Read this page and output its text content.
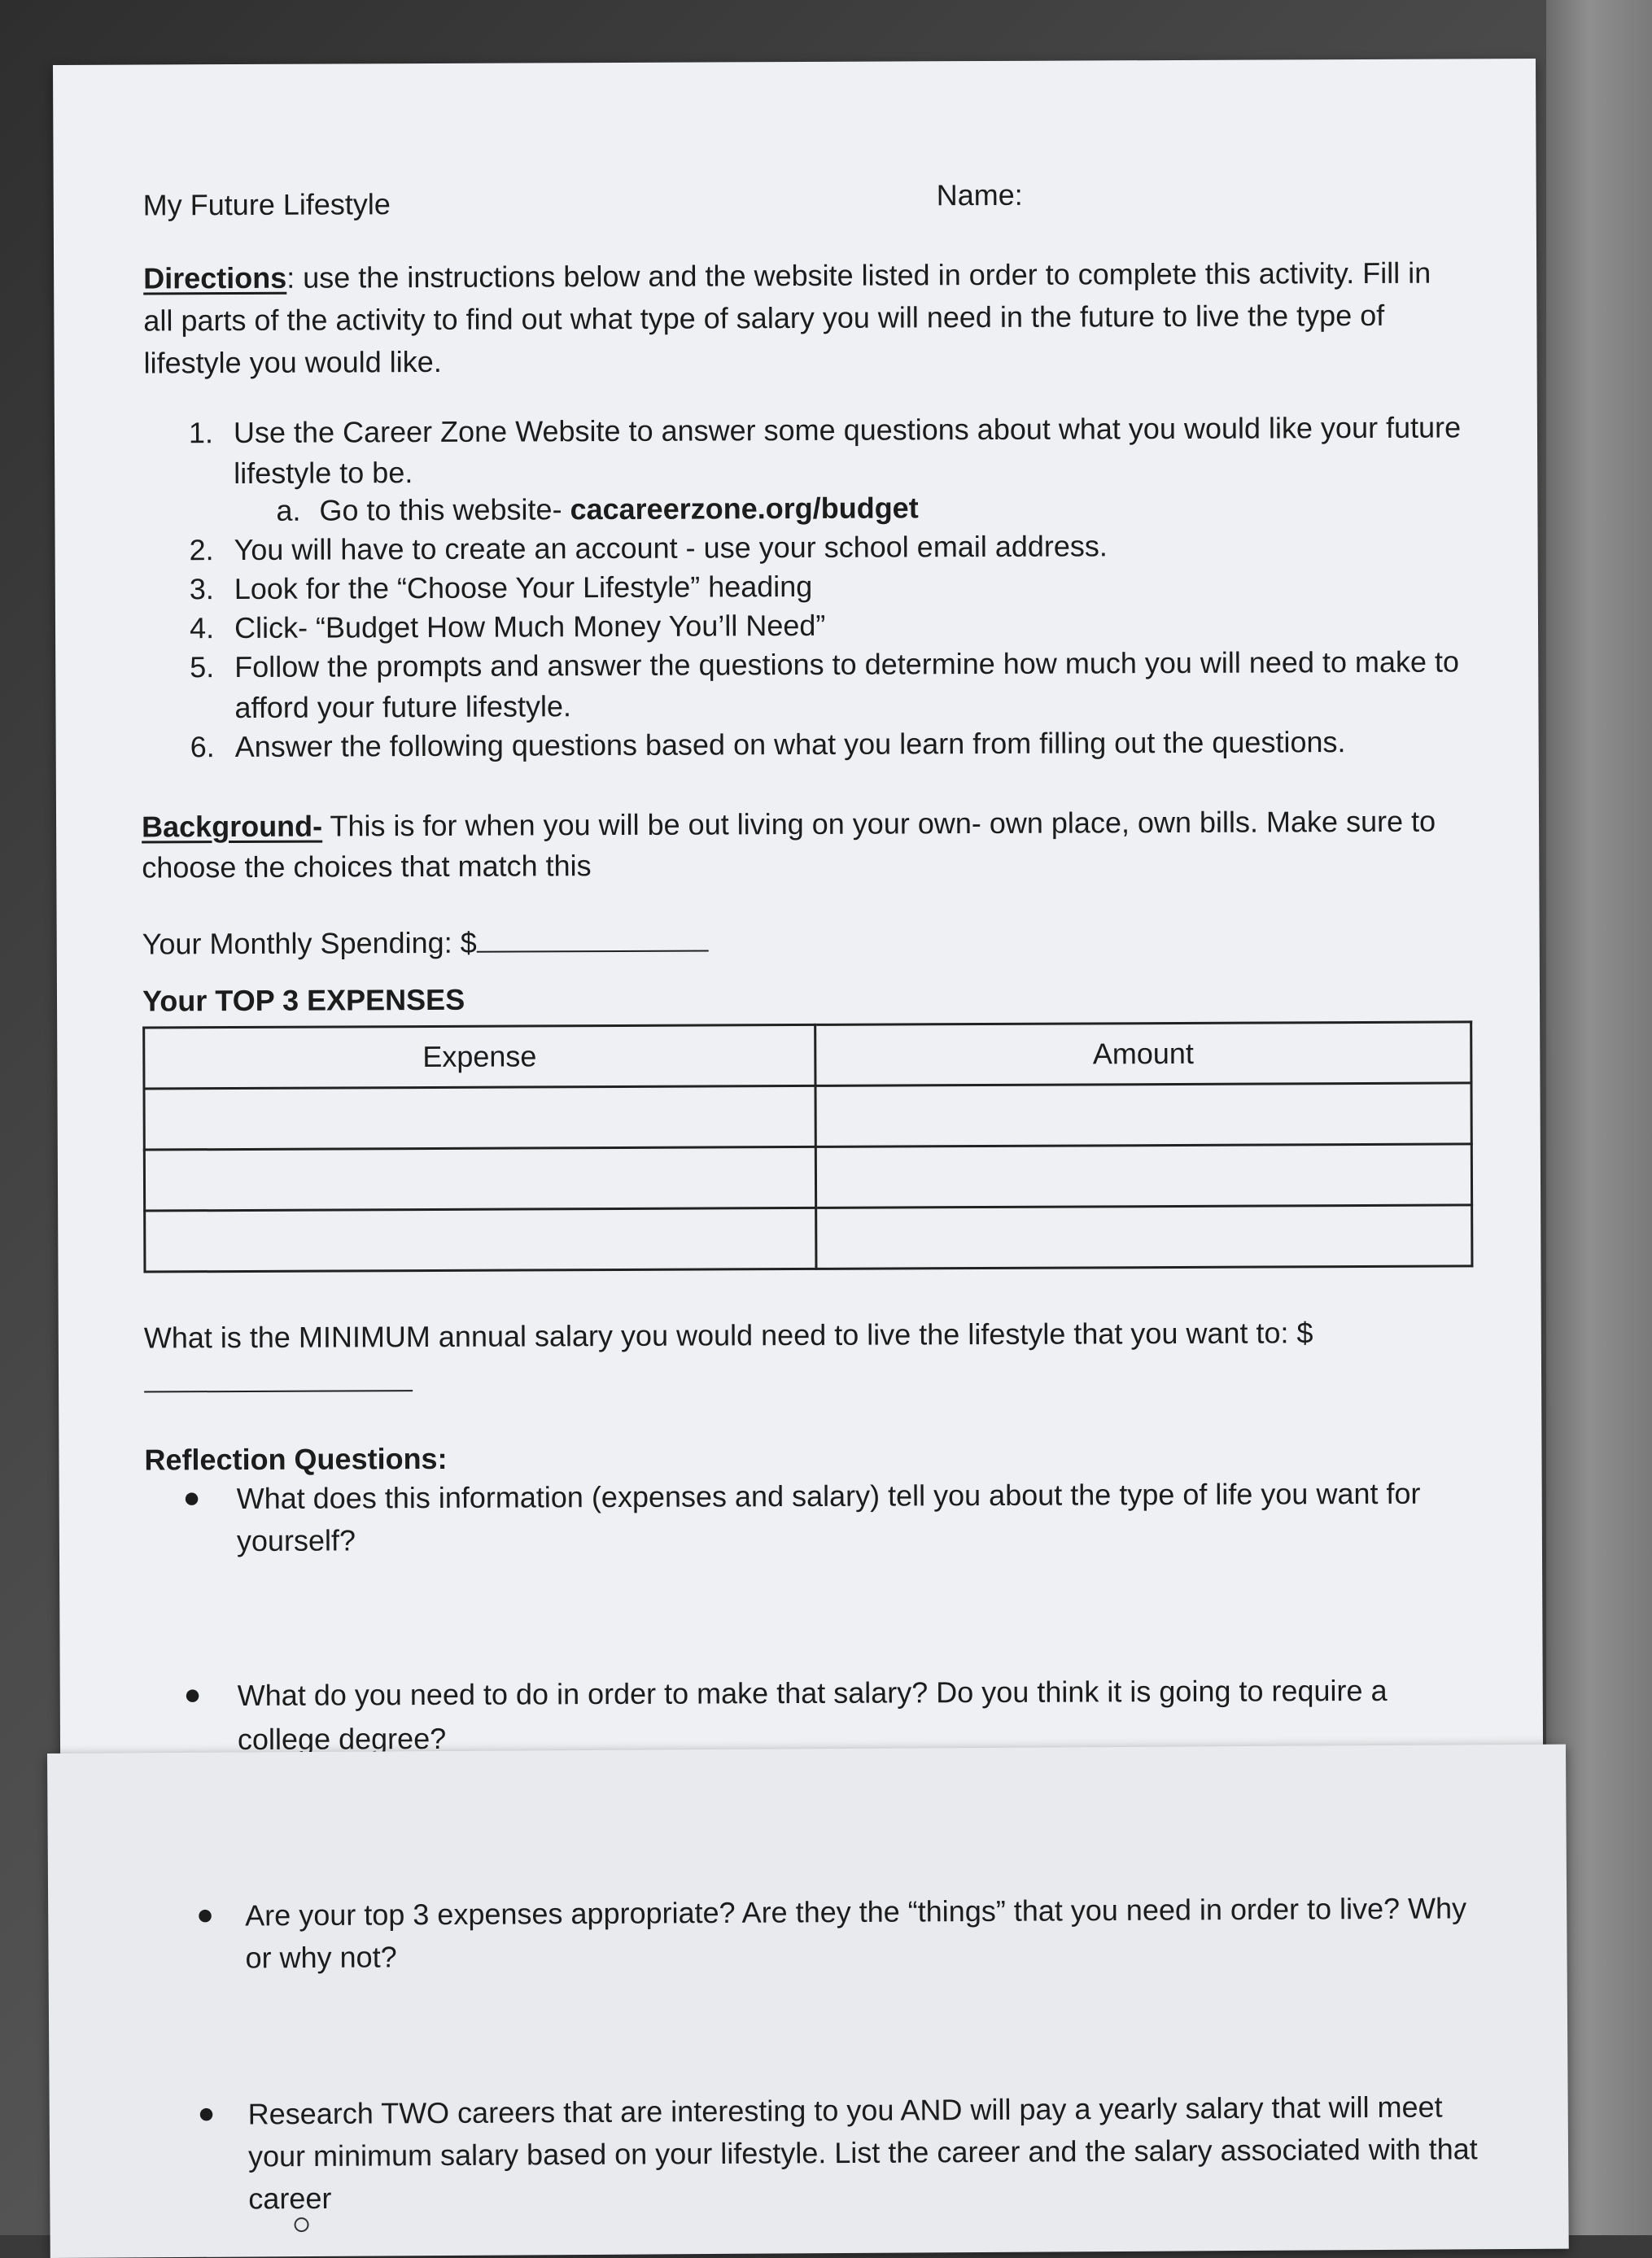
My Future Lifestyle	Name:
Directions: use the instructions below and the website listed in order to complete this activity. Fill in
all parts of the activity to find out what type of salary you will need in the future to live the type of
lifestyle you would like.
1. Use the Career Zone Website to answer some questions about what you would like your future
lifestyle to be.
a. Go to this website- cacareerzone.org/budget
2. You will have to create an account - use your school email address.
3. Look for the “Choose Your Lifestyle” heading
4. Click- “Budget How Much Money You’ll Need”
5. Follow the prompts and answer the questions to determine how much you will need to make to
afford your future lifestyle.
6. Answer the following questions based on what you learn from filling out the questions.
Background- This is for when you will be out living on your own- own place, own bills. Make sure to
choose the choices that match this
Your Monthly Spending: $
Your TOP 3 EXPENSES
Expense	Amount

What is the MINIMUM annual salary you would need to live the lifestyle that you want to: $
Reflection Questions:
● What does this information (expenses and salary) tell you about the type of life you want for
yourself?
● What do you need to do in order to make that salary? Do you think it is going to require a
college degree?
● Are your top 3 expenses appropriate? Are they the “things” that you need in order to live? Why
or why not?
● Research TWO careers that are interesting to you AND will pay a yearly salary that will meet
your minimum salary based on your lifestyle. List the career and the salary associated with that
career
